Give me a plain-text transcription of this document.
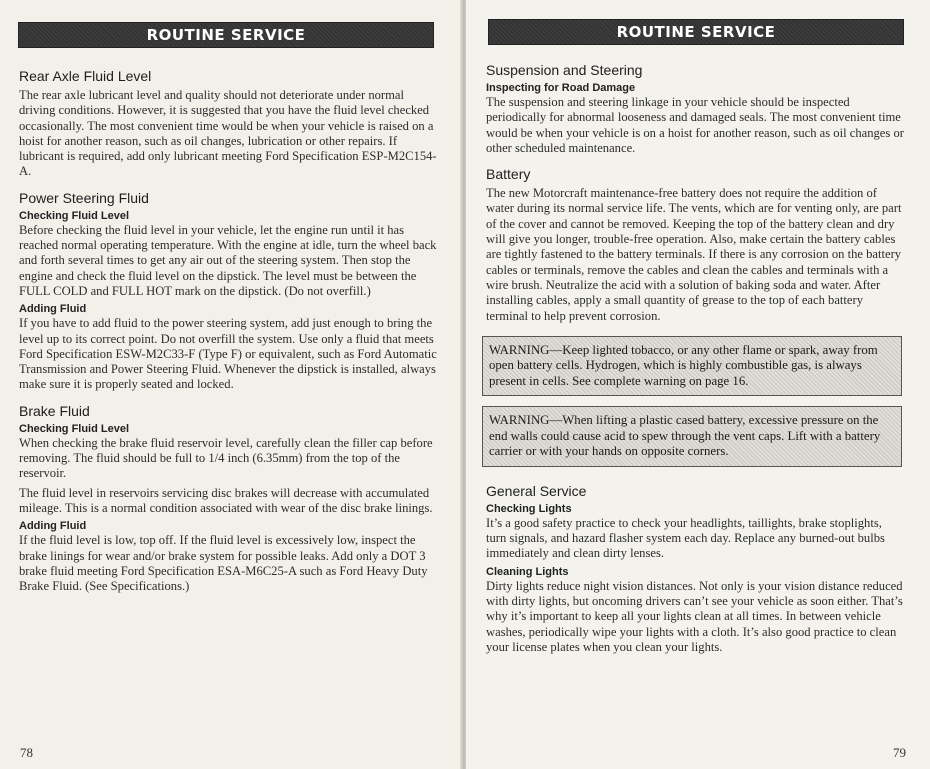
ROUTINE SERVICE
Rear Axle Fluid Level

The rear axle lubricant level and quality should not deteriorate under normal driving conditions. However, it is suggested that you have the fluid level checked occasionally. The most convenient time would be when your vehicle is raised on a hoist for another reason, such as oil changes, lubrication or other repairs. If lubricant is required, add only lubricant meeting Ford Specification ESP-M2C154-A.

Power Steering Fluid
Checking Fluid Level

Before checking the fluid level in your vehicle, let the engine run until it has reached normal operating temperature. With the engine at idle, turn the wheel back and forth several times to get any air out of the steering system. Then stop the engine and check the fluid level on the dipstick. The level must be between the FULL COLD and FULL HOT mark on the dipstick. (Do not overfill.)

Adding Fluid

If you have to add fluid to the power steering system, add just enough to bring the level up to its correct point. Do not overfill the system. Use only a fluid that meets Ford Specification ESW-M2C33-F (Type F) or equivalent, such as Ford Automatic Transmission and Power Steering Fluid. Whenever the dipstick is installed, always make sure it is properly seated and locked.

Brake Fluid
Checking Fluid Level

When checking the brake fluid reservoir level, carefully clean the filler cap before removing. The fluid should be full to 1/4 inch (6.35mm) from the top of the reservoir.

The fluid level in reservoirs servicing disc brakes will decrease with accumulated mileage. This is a normal condition associated with wear of the disc brake linings.

Adding Fluid

If the fluid level is low, top off. If the fluid level is excessively low, inspect the brake linings for wear and/or brake system for possible leaks. Add only a DOT 3 brake fluid meeting Ford Specification ESA-M6C25-A such as Ford Heavy Duty Brake Fluid. (See Specifications.)

78
ROUTINE SERVICE
Suspension and Steering
Inspecting for Road Damage

The suspension and steering linkage in your vehicle should be inspected periodically for abnormal looseness and damaged seals. The most convenient time would be when your vehicle is on a hoist for another reason, such as oil changes or other scheduled maintenance.

Battery

The new Motorcraft maintenance-free battery does not require the addition of water during its normal service life. The vents, which are for venting only, are part of the cover and cannot be removed. Keeping the top of the battery clean and dry will give you longer, trouble-free operation. Also, make certain the battery cables are tightly fastened to the battery terminals. If there is any corrosion on the battery cables or terminals, remove the cables and clean the cables and terminals with a wire brush. Neutralize the acid with a solution of baking soda and water. After installing cables, apply a small quantity of grease to the top of each battery terminal to help prevent corrosion.

WARNING—Keep lighted tobacco, or any other flame or spark, away from open battery cells. Hydrogen, which is highly combustible gas, is always present in cells. See complete warning on page 16.
WARNING—When lifting a plastic cased battery, excessive pressure on the end walls could cause acid to spew through the vent caps. Lift with a battery carrier or with your hands on opposite corners.
General Service
Checking Lights

It’s a good safety practice to check your headlights, taillights, brake stoplights, turn signals, and hazard flasher system each day. Replace any burned-out bulbs immediately and clean dirty lenses.

Cleaning Lights

Dirty lights reduce night vision distances. Not only is your vision distance reduced with dirty lights, but oncoming drivers can’t see your vehicle as soon either. That’s why it’s important to keep all your lights clean at all times. In between vehicle washes, periodically wipe your lights with a cloth. It’s also good practice to clean your license plates when you clean your lights.

79
